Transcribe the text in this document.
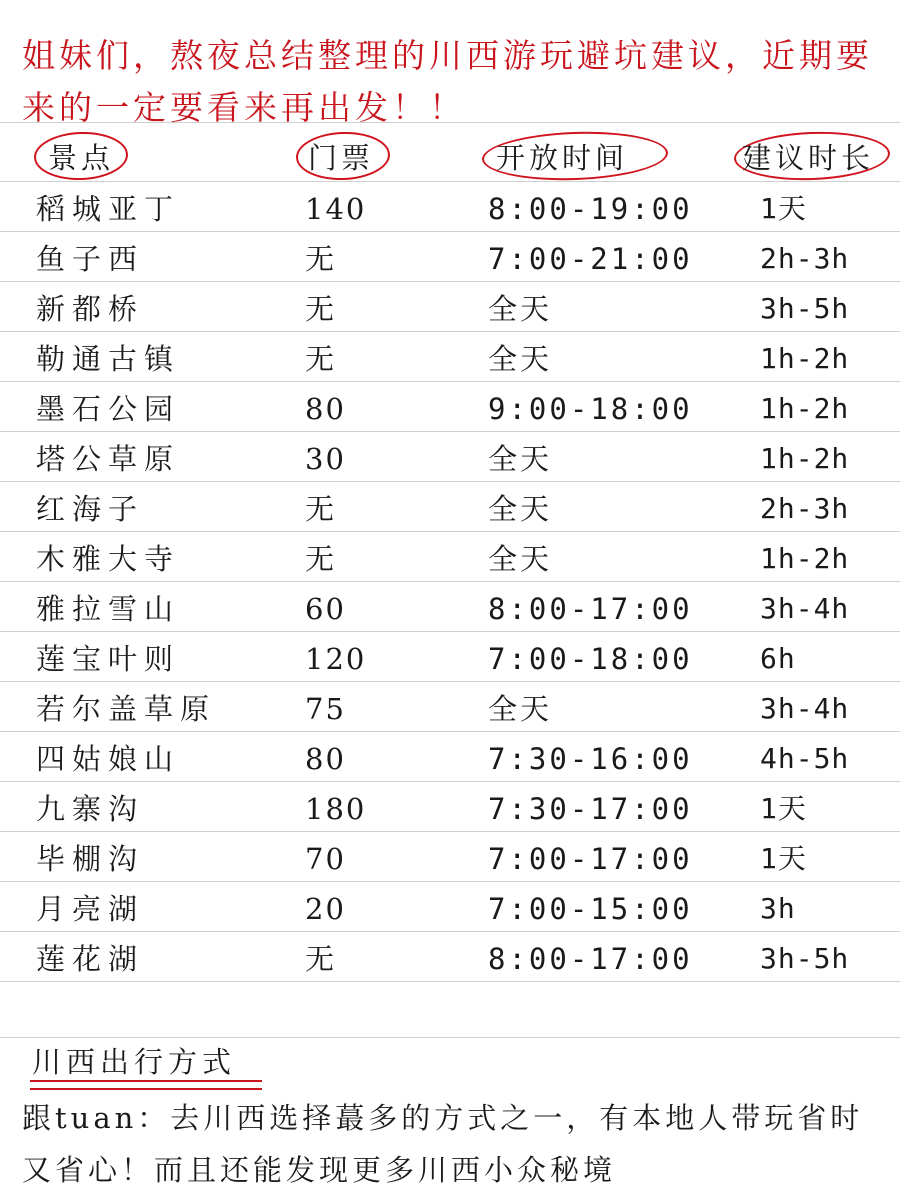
姐妹们，熬夜总结整理的川西游玩避坑建议，近期要来的一定要看来再出发！！
景点	门票	开放时间	建议时长
稻城亚丁	140	8:00-19:00 1天
鱼子西	无	7:00-21:00 2h-3h
新都桥	无	全天	3h-5h
勒通古镇	无	全天	1h-2h
墨石公园	80	9:00-18:00 1h-2h
塔公草原	30	全天	1h-2h
红海子	无	全天	2h-3h
木雅大寺	无	全天	1h-2h
雅拉雪山	60	8:00-17:00 3h-4h
莲宝叶则	120	7:00-18:00 6h
若尔盖草原	75	全天	3h-4h
四姑娘山	80	7:30-16:00 4h-5h
九寨沟	180	7:30-17:00 1天
毕棚沟	70	7:00-17:00 1天
月亮湖	20	7:00-15:00 3h
莲花湖	无	8:00-17:00 3h-5h
川西出行方式
跟tuan：去川西选择蕞多的方式之一，有本地人带玩省时又省心！而且还能发现更多川西小众秘境
